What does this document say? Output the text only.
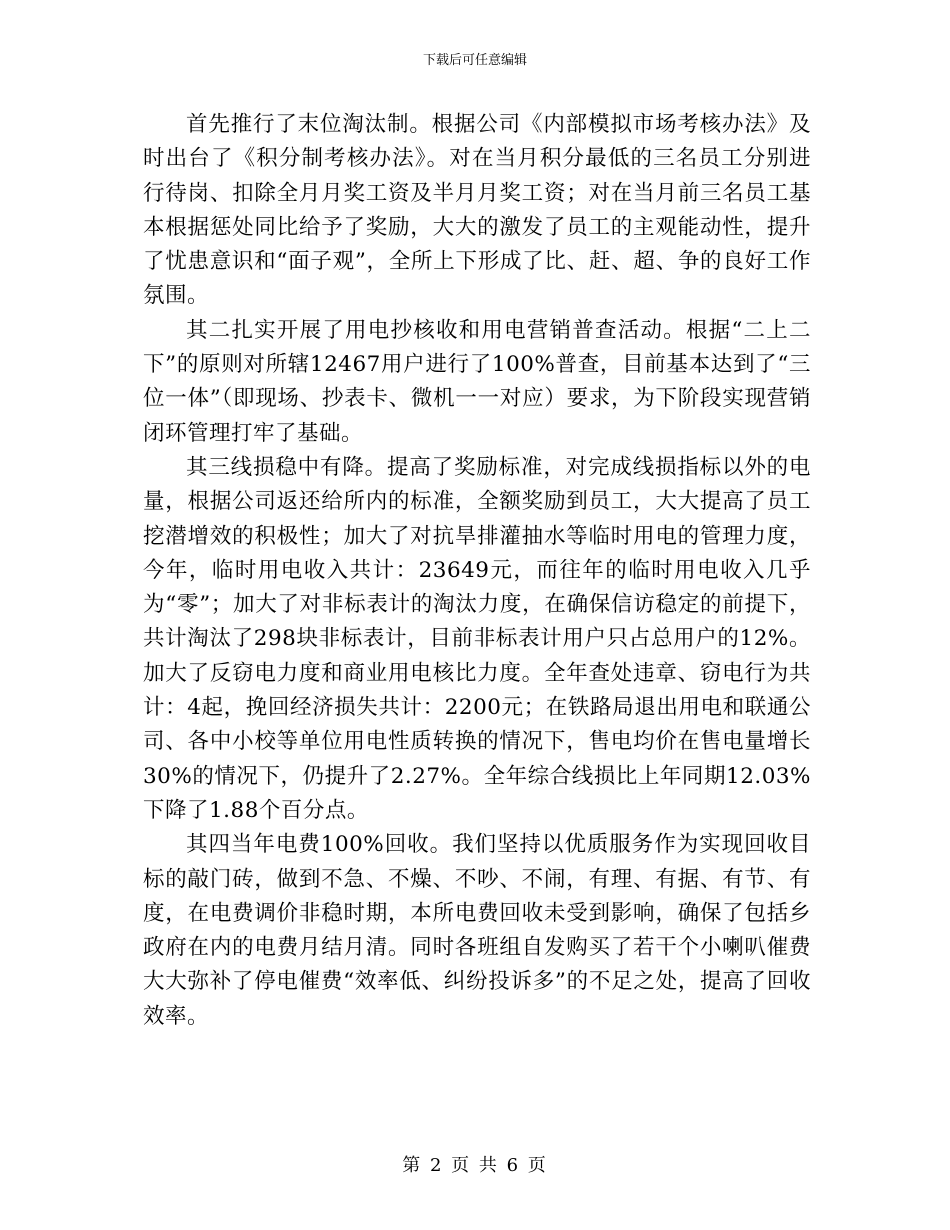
下载后可任意编辑

首先推行了末位淘汰制。根据公司《内部模拟市场考核办法》及时出台了《积分制考核办法》。对在当月积分最低的三名员工分别进行待岗、扣除全月月奖工资及半月月奖工资；对在当月前三名员工基本根据惩处同比给予了奖励，大大的激发了员工的主观能动性，提升了忧患意识和“面子观”，全所上下形成了比、赶、超、争的良好工作氛围。

其二扎实开展了用电抄核收和用电营销普查活动。根据“二上二下”的原则对所辖12467用户进行了100%普查，目前基本达到了“三位一体”（即现场、抄表卡、微机一一对应）要求，为下阶段实现营销闭环管理打牢了基础。

其三线损稳中有降。提高了奖励标准，对完成线损指标以外的电量，根据公司返还给所内的标准，全额奖励到员工，大大提高了员工挖潜增效的积极性；加大了对抗旱排灌抽水等临时用电的管理力度，今年，临时用电收入共计：23649元，而往年的临时用电收入几乎为“零”；加大了对非标表计的淘汰力度，在确保信访稳定的前提下，共计淘汰了298块非标表计，目前非标表计用户只占总用户的12%。加大了反窃电力度和商业用电核比力度。全年查处违章、窃电行为共计：4起，挽回经济损失共计：2200元；在铁路局退出用电和联通公司、各中小校等单位用电性质转换的情况下，售电均价在售电量增长30%的情况下，仍提升了2.27%。全年综合线损比上年同期12.03%下降了1.88个百分点。

其四当年电费100%回收。我们坚持以优质服务作为实现回收目标的敲门砖，做到不急、不燥、不吵、不闹，有理、有据、有节、有度，在电费调价非稳时期，本所电费回收未受到影响，确保了包括乡政府在内的电费月结月清。同时各班组自发购买了若干个小喇叭催费大大弥补了停电催费“效率低、纠纷投诉多”的不足之处，提高了回收效率。

第 2 页 共 6 页
